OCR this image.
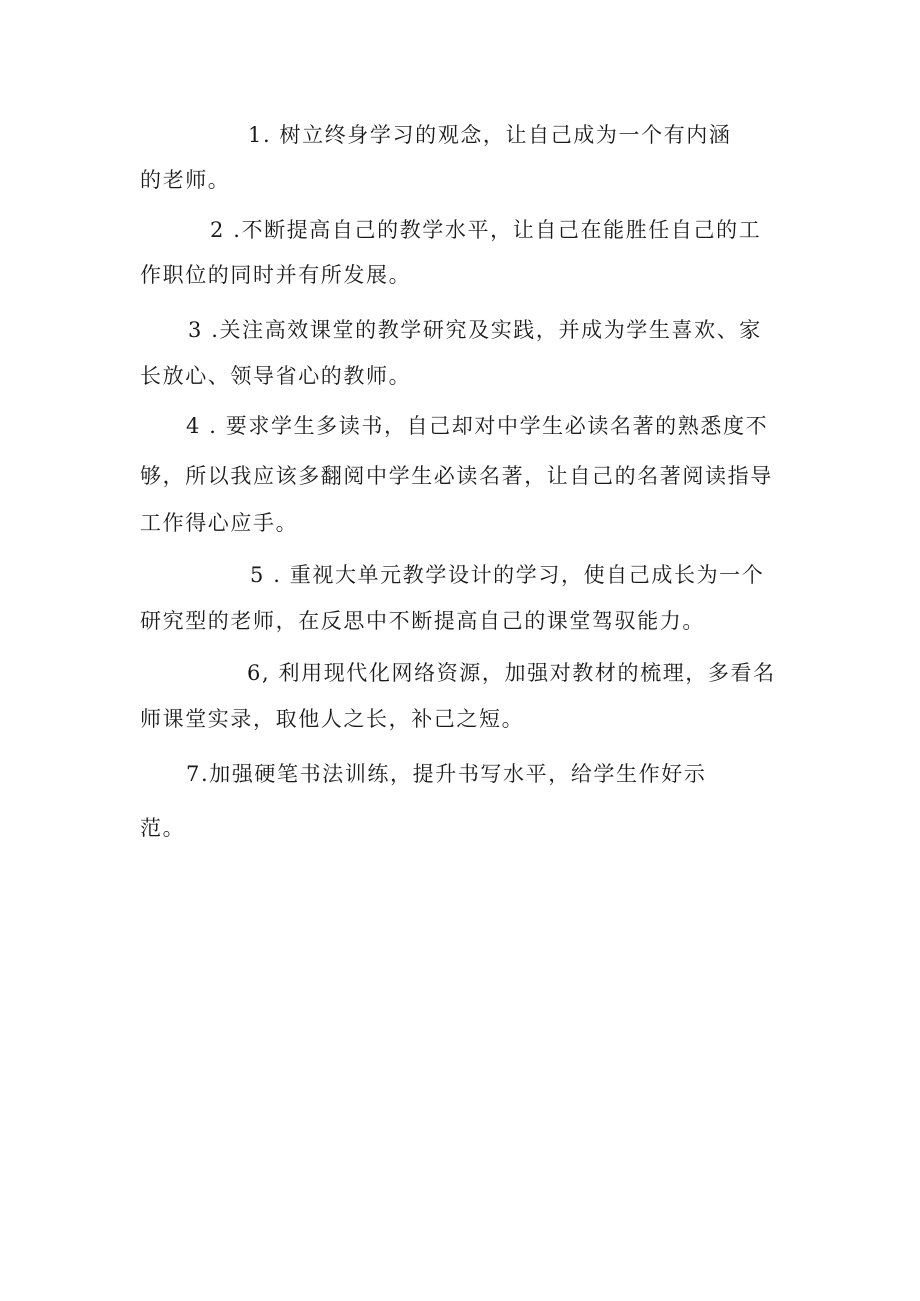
1. 树立终身学习的观念，让自己成为一个有内涵
的老师。
2 .不断提高自己的教学水平，让自己在能胜任自己的工
作职位的同时并有所发展。
3 .关注高效课堂的教学研究及实践，并成为学生喜欢、家
长放心、领导省心的教师。
4 . 要求学生多读书，自己却对中学生必读名著的熟悉度不
够，所以我应该多翻阅中学生必读名著，让自己的名著阅读指导
工作得心应手。
5 . 重视大单元教学设计的学习，使自己成长为一个
研究型的老师，在反思中不断提高自己的课堂驾驭能力。
6, 利用现代化网络资源，加强对教材的梳理，多看名
师课堂实录，取他人之长，补己之短。
7.加强硬笔书法训练，提升书写水平，给学生作好示
范。
